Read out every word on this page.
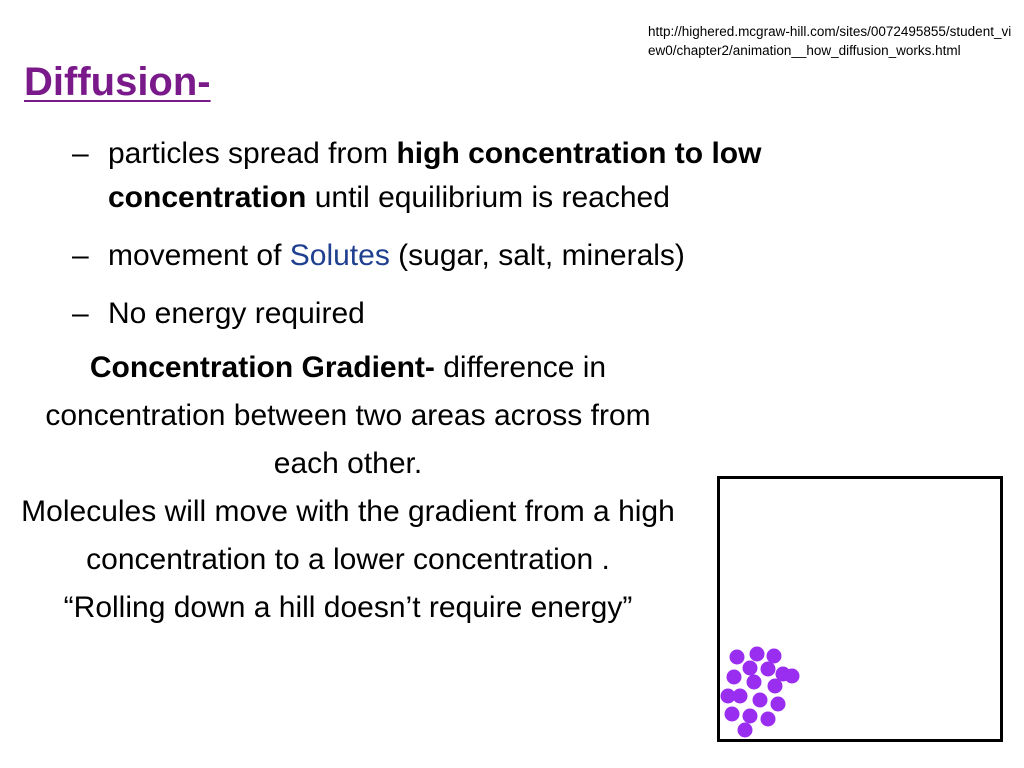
http://highered.mcgraw-hill.com/sites/0072495855/student_view0/chapter2/animation__how_diffusion_works.html
Diffusion-
– particles spread from high concentration to low concentration until equilibrium is reached
– movement of Solutes (sugar, salt, minerals)
– No energy required

Concentration Gradient- difference in concentration between two areas across from each other.

Molecules will move with the gradient from a high concentration to a lower concentration .

“Rolling down a hill doesn’t require energy”
